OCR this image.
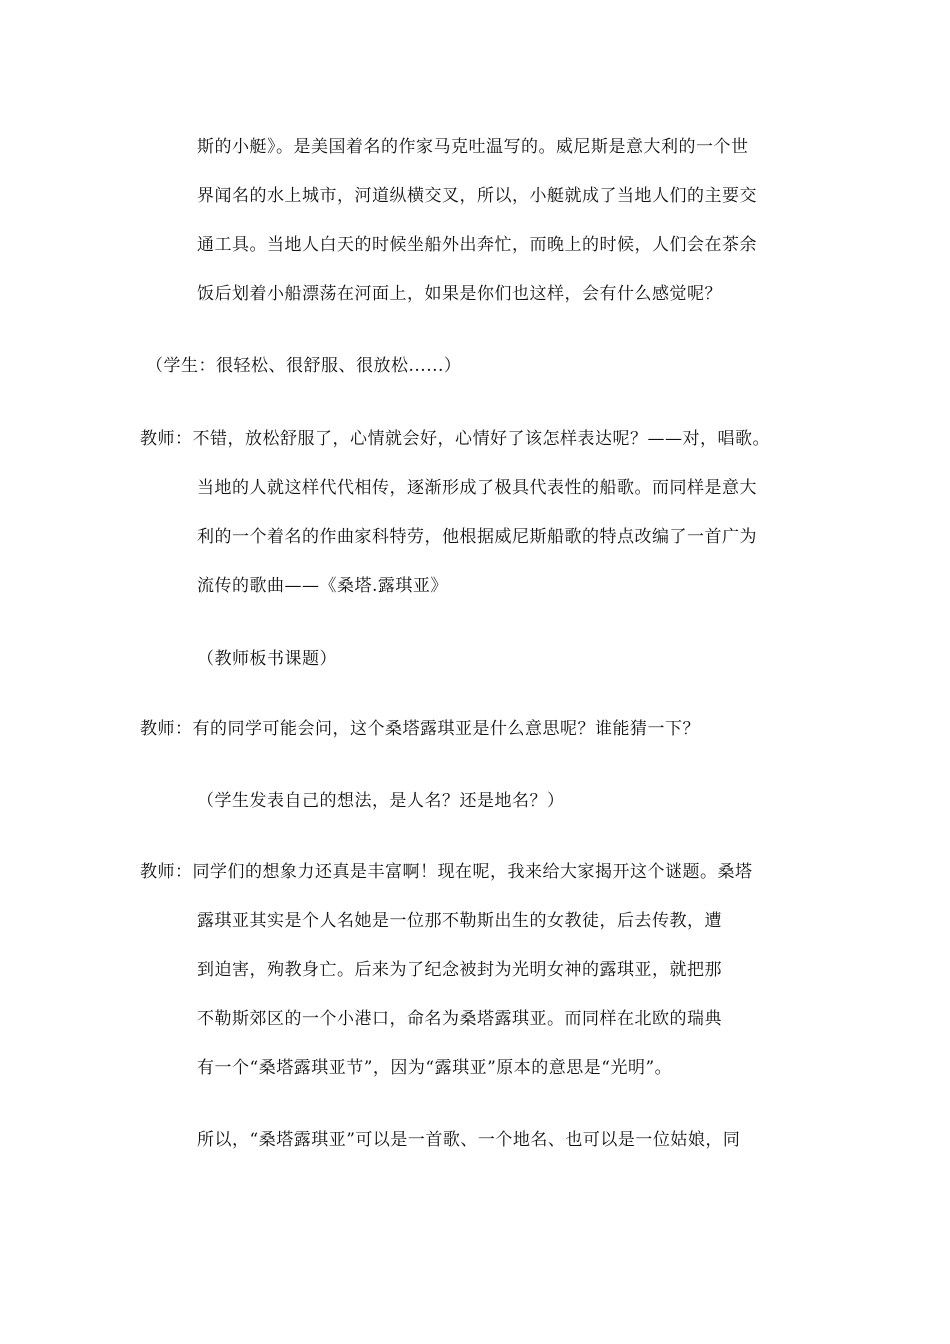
斯的小艇》。是美国着名的作家马克吐温写的。威尼斯是意大利的一个世
界闻名的水上城市，河道纵横交叉，所以，小艇就成了当地人们的主要交
通工具。当地人白天的时候坐船外出奔忙，而晚上的时候，人们会在茶余
饭后划着小船漂荡在河面上，如果是你们也这样，会有什么感觉呢？
（学生：很轻松、很舒服、很放松......）
教师：不错，放松舒服了，心情就会好，心情好了该怎样表达呢？——对，唱歌。
当地的人就这样代代相传，逐渐形成了极具代表性的船歌。而同样是意大
利的一个着名的作曲家科特劳，他根据威尼斯船歌的特点改编了一首广为
流传的歌曲——《桑塔.露琪亚》
（教师板书课题）
教师：有的同学可能会问，这个桑塔露琪亚是什么意思呢？谁能猜一下？
（学生发表自己的想法，是人名？还是地名？）
教师：同学们的想象力还真是丰富啊！现在呢，我来给大家揭开这个谜题。桑塔
露琪亚其实是个人名她是一位那不勒斯出生的女教徒，后去传教，遭
到迫害，殉教身亡。后来为了纪念被封为光明女神的露琪亚，就把那
不勒斯郊区的一个小港口，命名为桑塔露琪亚。而同样在北欧的瑞典
有一个“桑塔露琪亚节”，因为“露琪亚”原本的意思是“光明”。
所以，“桑塔露琪亚”可以是一首歌、一个地名、也可以是一位姑娘，同
